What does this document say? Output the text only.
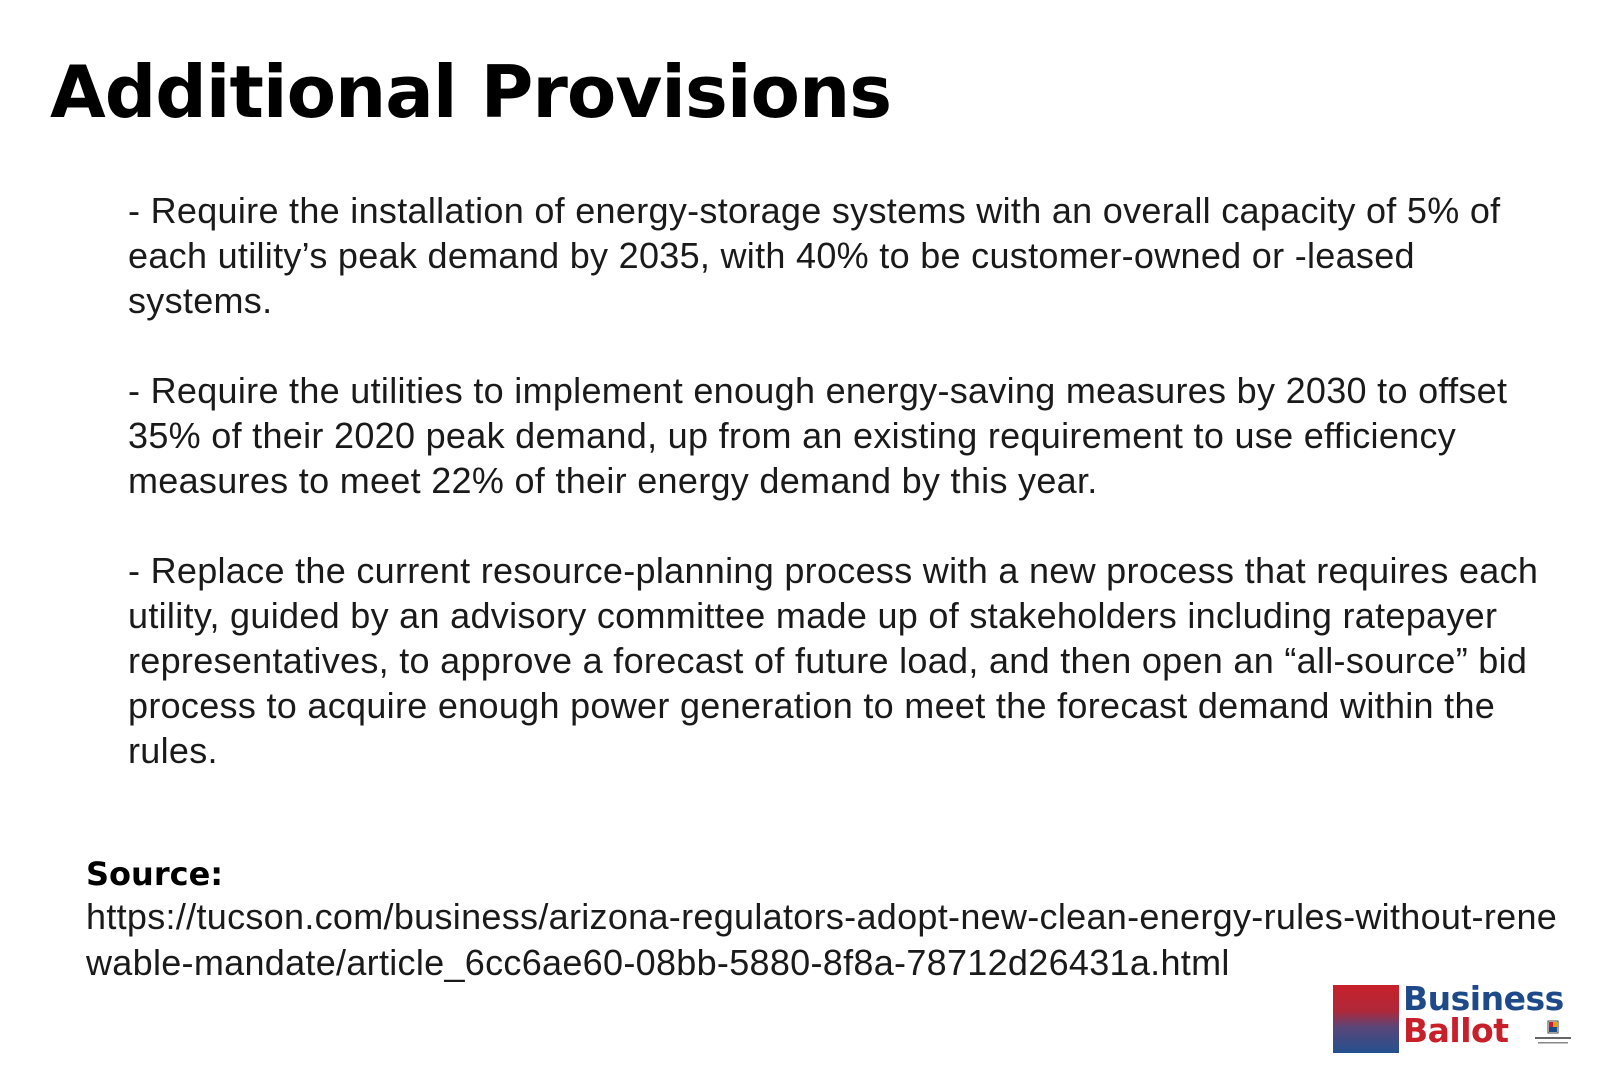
Additional Provisions

- Require the installation of energy-storage systems with an overall capacity of 5% of each utility’s peak demand by 2035, with 40% to be customer-owned or -leased systems.

- Require the utilities to implement enough energy-saving measures by 2030 to offset 35% of their 2020 peak demand, up from an existing requirement to use efficiency measures to meet 22% of their energy demand by this year.

- Replace the current resource-planning process with a new process that requires each utility, guided by an advisory committee made up of stakeholders including ratepayer representatives, to approve a forecast of future load, and then open an “all-source” bid process to acquire enough power generation to meet the forecast demand within the rules.

Source:

https://tucson.com/business/arizona-regulators-adopt-new-clean-energy-rules-without-renewable-mandate/article_6cc6ae60-08bb-5880-8f8a-78712d26431a.html

Business
Ballot
